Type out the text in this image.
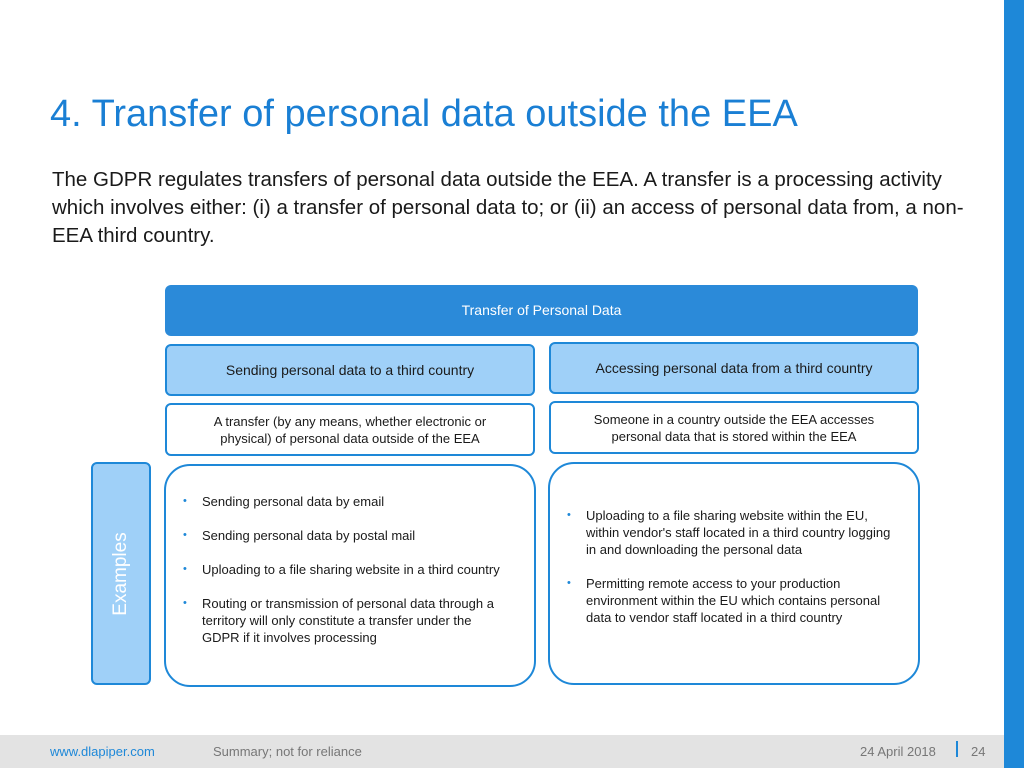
4. Transfer of personal data outside the EEA

The GDPR regulates transfers of personal data outside the EEA. A transfer is a processing activity which involves either: (i) a transfer of personal data to; or (ii) an access of personal data from, a non-EEA third country.

Transfer of Personal Data
Sending personal data to a third country	Accessing personal data from a third country
A transfer (by any means, whether electronic or physical) of personal data outside of the EEA
Someone in a country outside the EEA accesses personal data that is stored within the EEA
Examples
• Sending personal data by email
• Sending personal data by postal mail
• Uploading to a file sharing website in a third country
• Routing or transmission of personal data through a territory will only constitute a transfer under the GDPR if it involves processing
• Uploading to a file sharing website within the EU, within vendor's staff located in a third country logging in and downloading the personal data
• Permitting remote access to your production environment within the EU which contains personal data to vendor staff located in a third country
www.dlapiper.com	Summary; not for reliance	24 April 2018	24
